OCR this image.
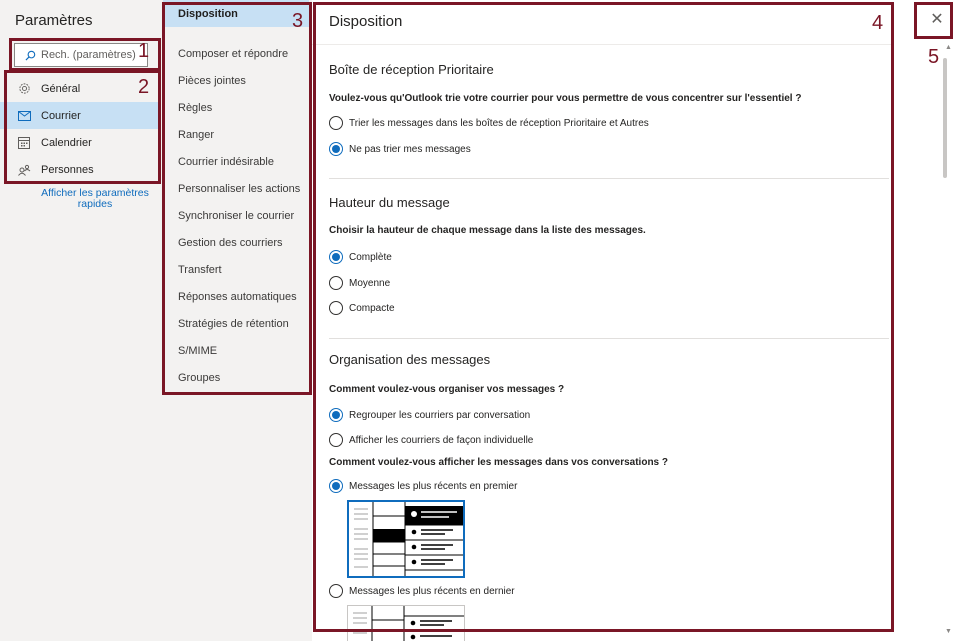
Paramètres
Rech. (paramètres)
Général
Courrier
Calendrier
Personnes
Afficher les paramètres rapides
Disposition
Composer et répondre
Pièces jointes
Règles
Ranger
Courrier indésirable
Personnaliser les actions
Synchroniser le courrier
Gestion des courriers
Transfert
Réponses automatiques
Stratégies de rétention
S/MIME
Groupes
Disposition
Boîte de réception Prioritaire
Voulez-vous qu'Outlook trie votre courrier pour vous permettre de vous concentrer sur l'essentiel ?
Trier les messages dans les boîtes de réception Prioritaire et Autres
Ne pas trier mes messages
Hauteur du message
Choisir la hauteur de chaque message dans la liste des messages.
Complète
Moyenne
Compacte
Organisation des messages
Comment voulez-vous organiser vos messages ?
Regrouper les courriers par conversation
Afficher les courriers de façon individuelle
Comment voulez-vous afficher les messages dans vos conversations ?
Messages les plus récents en premier
Messages les plus récents en dernier
▲
▼
✕
1
2
3	4
5
